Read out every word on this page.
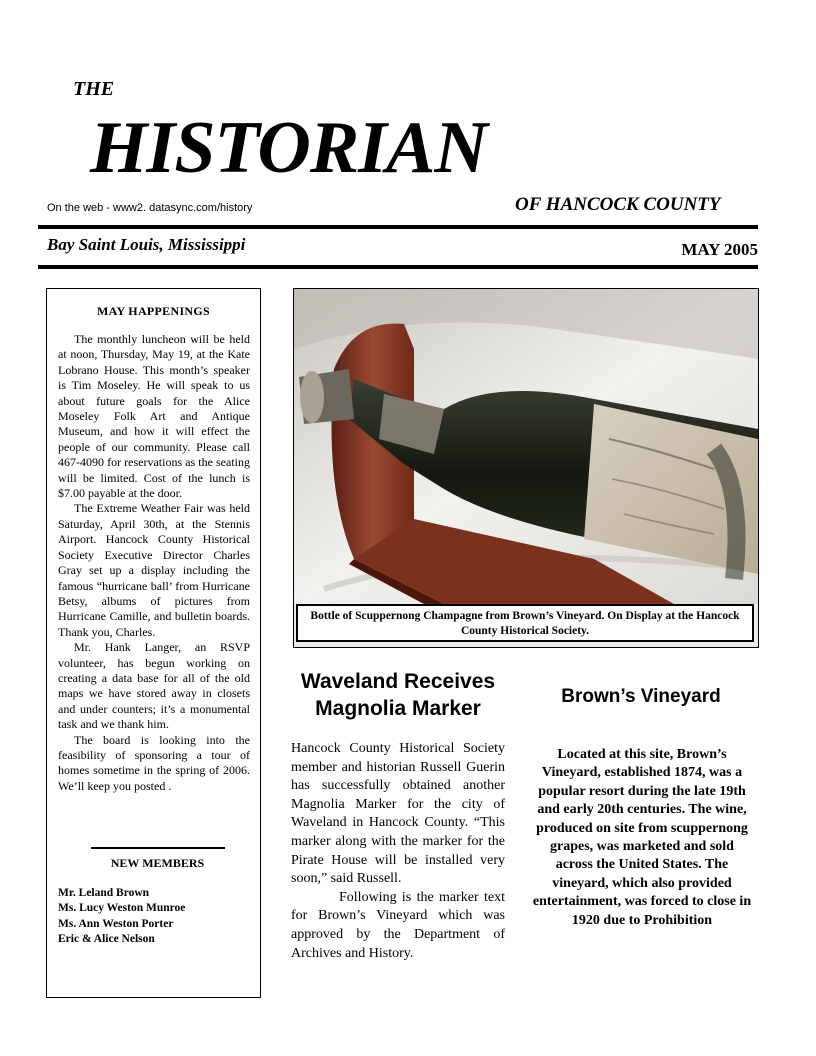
THE
HISTORIAN
On the web - www2. datasync.com/history	OF HANCOCK COUNTY
Bay Saint Louis, Mississippi	MAY 2005
MAY HAPPENINGS

The monthly luncheon will be held at noon, Thursday, May 19, at the Kate Lobrano House. This month’s speaker is Tim Moseley. He will speak to us about future goals for the Alice Moseley Folk Art and Antique Museum, and how it will effect the people of our community. Please call 467-4090 for reservations as the seating will be limited. Cost of the lunch is $7.00 payable at the door.

The Extreme Weather Fair was held Saturday, April 30th, at the Stennis Airport. Hancock County Historical Society Executive Director Charles Gray set up a display including the famous “hurricane ball’ from Hurricane Betsy, albums of pictures from Hurricane Camille, and bulletin boards. Thank you, Charles.

Mr. Hank Langer, an RSVP volunteer, has begun working on creating a data base for all of the old maps we have stored away in closets and under counters; it’s a monumental task and we thank him.

The board is looking into the feasibility of sponsoring a tour of homes sometime in the spring of 2006. We’ll keep you posted .

NEW MEMBERS
Mr. Leland Brown
Ms. Lucy Weston Munroe
Ms. Ann Weston Porter
Eric & Alice Nelson
Bottle of Scuppernong Champagne from Brown’s Vineyard. On Display at the Hancock County Historical Society.
Waveland Receives Magnolia Marker

Hancock County Historical Society member and historian Russell Guerin has successfully obtained another Magnolia Marker for the city of Waveland in Hancock County. “This marker along with the marker for the Pirate House will be installed very soon,” said Russell.

Following is the marker text for Brown’s Vineyard which was approved by the Department of Archives and History.

Brown’s Vineyard
Located at this site, Brown’s Vineyard, established 1874, was a popular resort during the late 19th and early 20th centuries. The wine, produced on site from scuppernong grapes, was marketed and sold across the United States. The vineyard, which also provided entertainment, was forced to close in 1920 due to Prohibition
